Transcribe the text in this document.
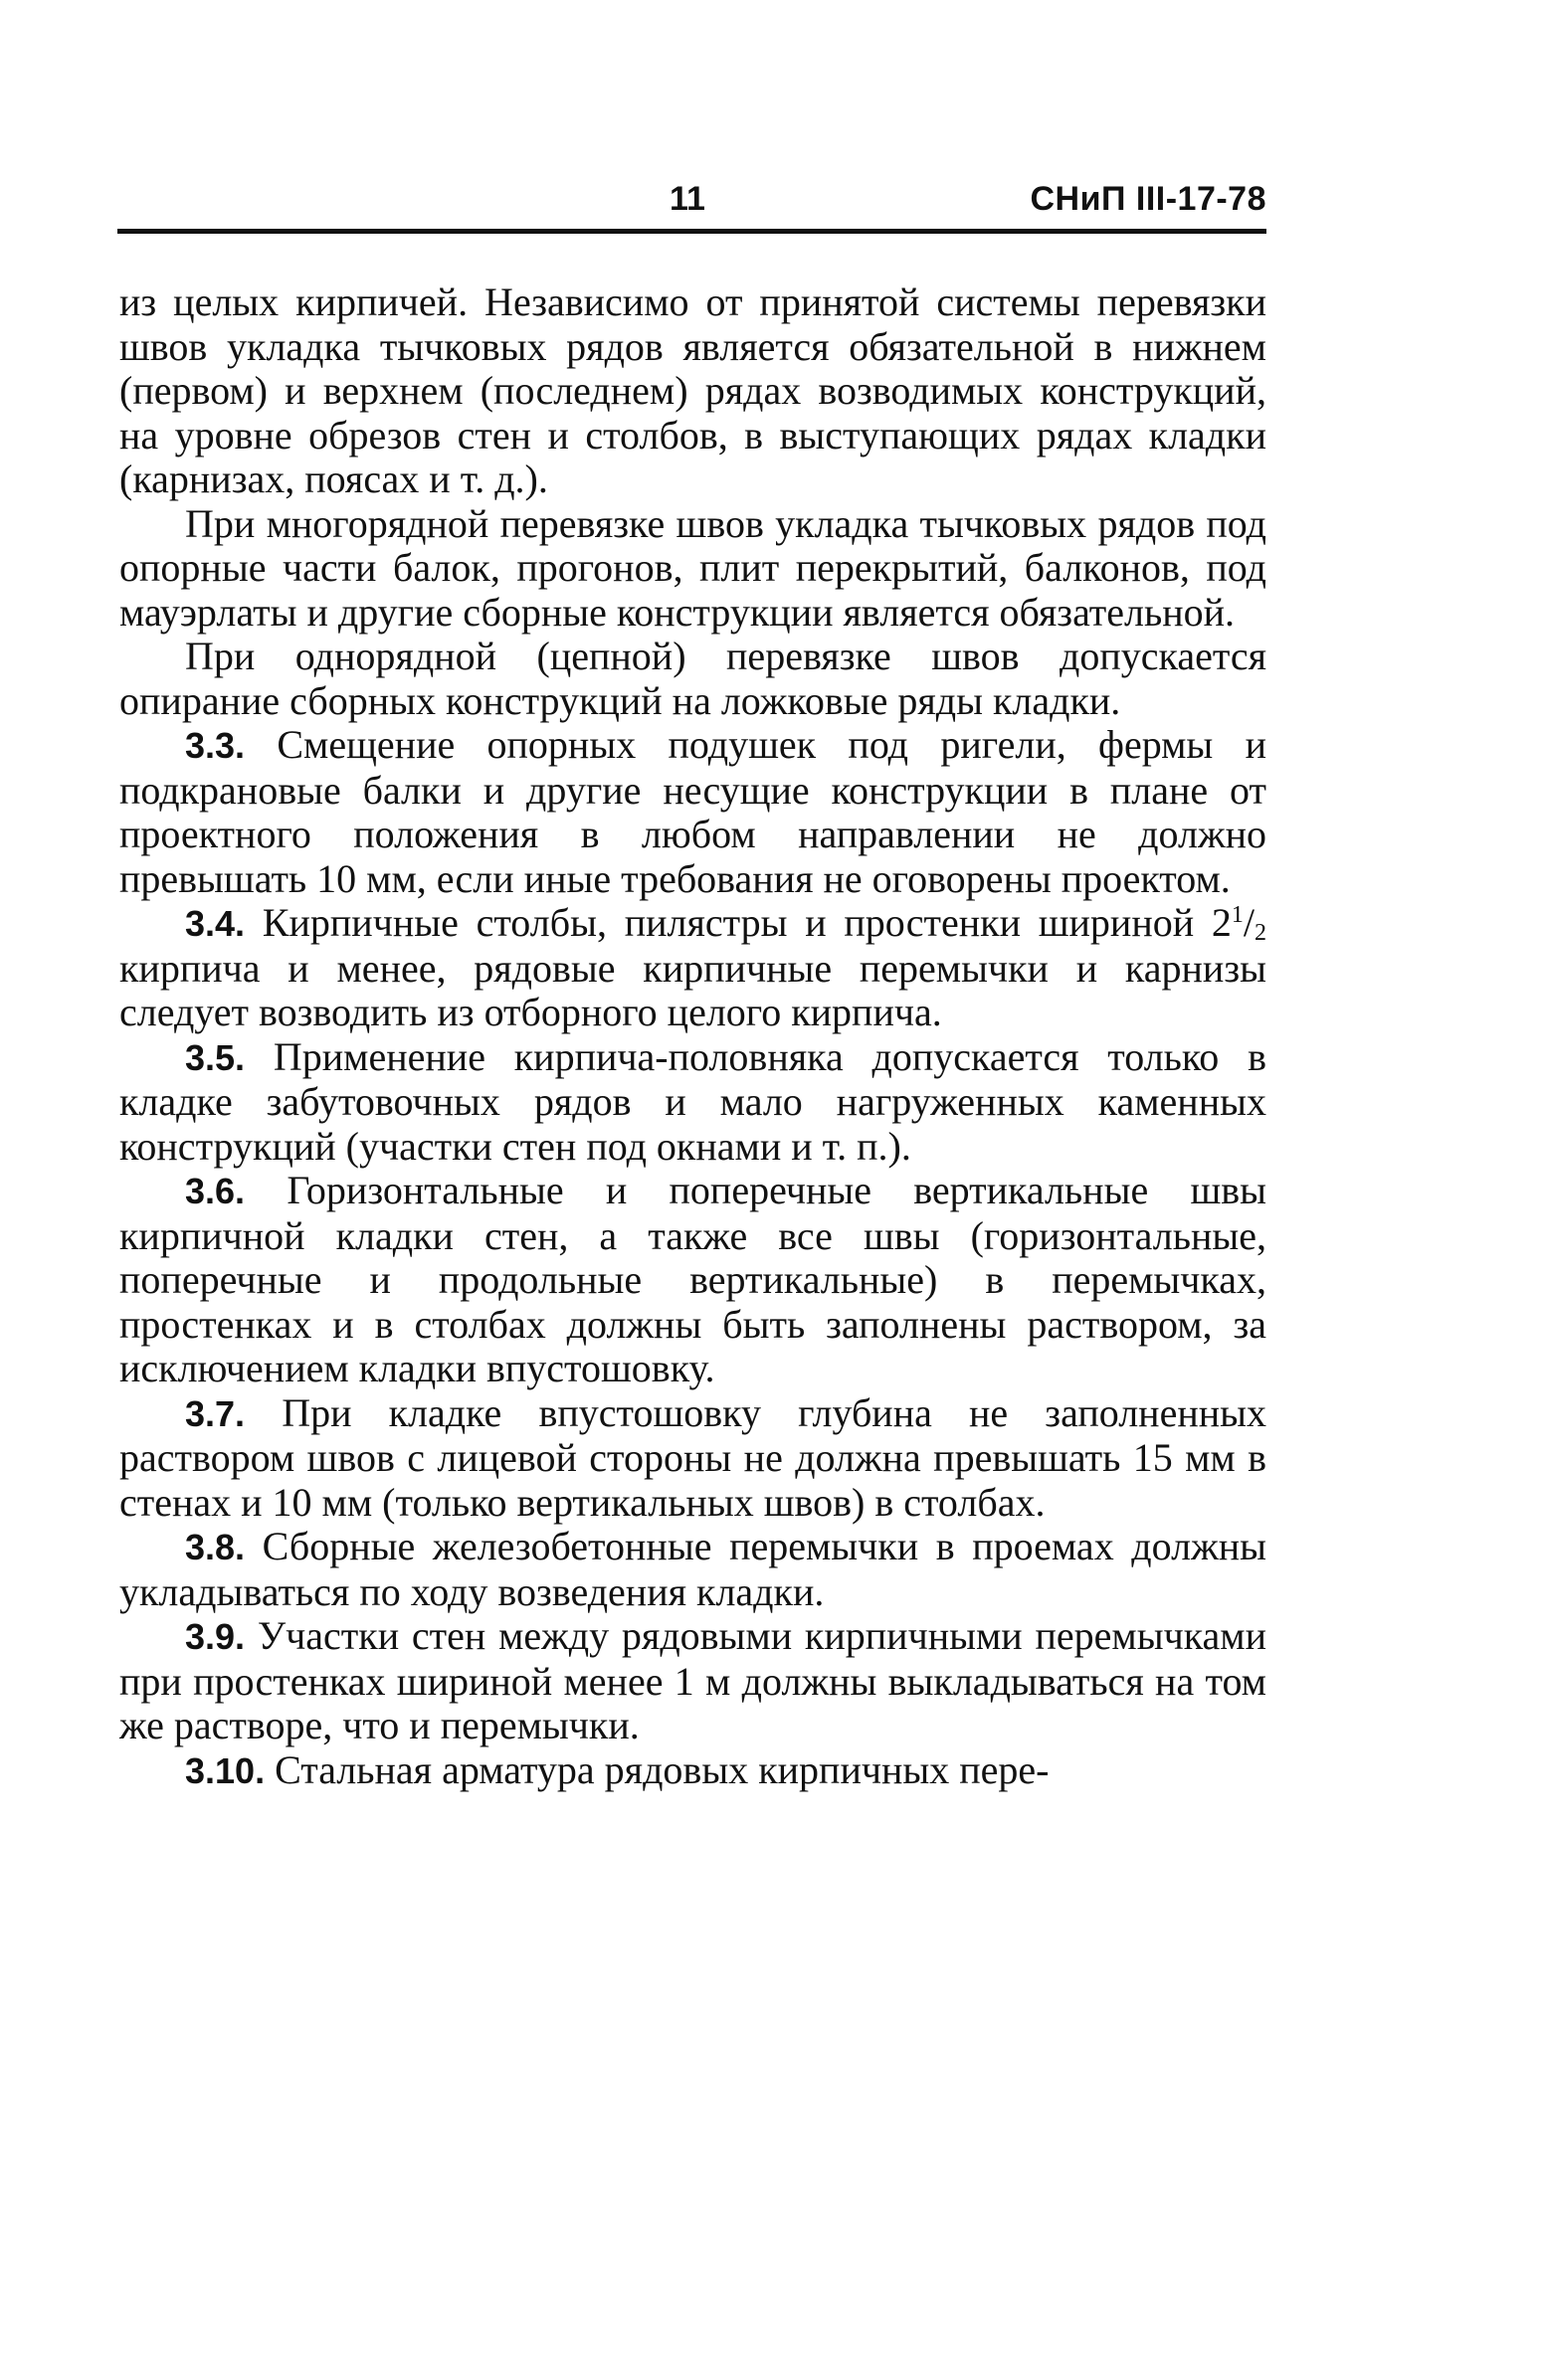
11	СНиП III-17-78

из целых кирпичей. Независимо от принятой системы перевязки швов укладка тычковых рядов является обязательной в нижнем (первом) и верхнем (последнем) рядах возводимых конструкций, на уровне обрезов стен и столбов, в выступающих рядах кладки (карнизах, поясах и т. д.).

При многорядной перевязке швов укладка тычковых рядов под опорные части балок, прогонов, плит перекрытий, балконов, под мауэрлаты и другие сборные конструкции является обязательной.

При однорядной (цепной) перевязке швов допускается опирание сборных конструкций на ложковые ряды кладки.

3.3. Смещение опорных подушек под ригели, фермы и подкрановые балки и другие несущие конструкции в плане от проектного положения в любом направлении не должно превышать 10 мм, если иные требования не оговорены проектом.

3.4. Кирпичные столбы, пилястры и простенки шириной $2^1/_2$ кирпича и менее, рядовые кирпичные перемычки и карнизы следует возводить из отборного целого кирпича.

3.5. Применение кирпича-половняка допускается только в кладке забутовочных рядов и мало нагруженных каменных конструкций (участки стен под окнами и т. п.).

3.6. Горизонтальные и поперечные вертикальные швы кирпичной кладки стен, а также все швы (горизонтальные, поперечные и продольные вертикальные) в перемычках, простенках и в столбах должны быть заполнены раствором, за исключением кладки впустошовку.

3.7. При кладке впустошовку глубина не заполненных раствором швов с лицевой стороны не должна превышать 15 мм в стенах и 10 мм (только вертикальных швов) в столбах.

3.8. Сборные железобетонные перемычки в проемах должны укладываться по ходу возведения кладки.

3.9. Участки стен между рядовыми кирпичными перемычками при простенках шириной менее 1 м должны выкладываться на том же растворе, что и перемычки.

3.10. Стальная арматура рядовых кирпичных пере-
